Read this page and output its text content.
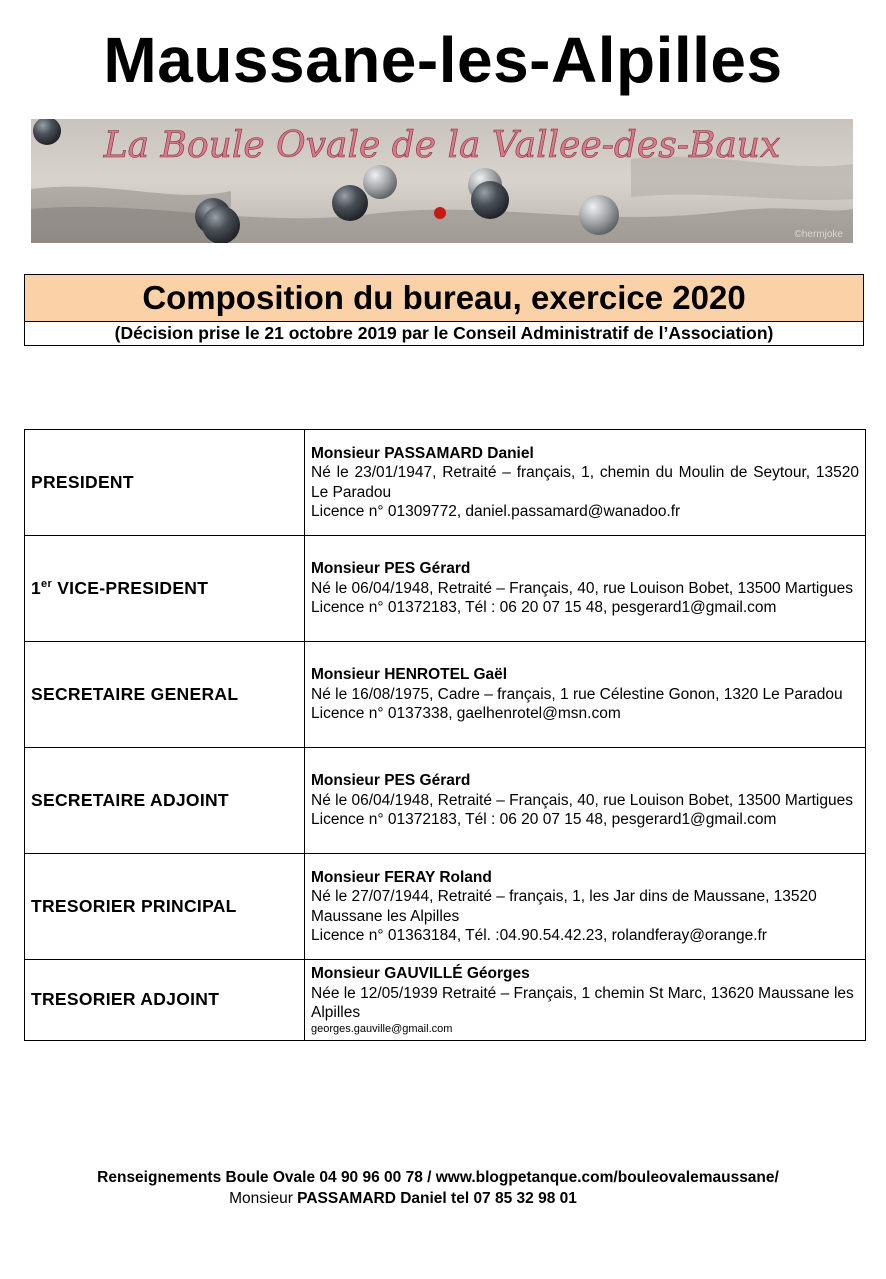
Maussane-les-Alpilles
La Boule Ovale de la Vallee-des-Baux
©hermjoke
Composition du bureau, exercice 2020
(Décision prise le 21 octobre 2019 par le Conseil Administratif de l’Association)
PRESIDENT	Monsieur PASSAMARD Daniel
Né le 23/01/1947, Retraité – français, 1, chemin du Moulin de Seytour, 13520 Le Paradou
Licence n° 01309772, daniel.passamard@wanadoo.fr

1er VICE-PRESIDENT	Monsieur PES Gérard
Né le 06/04/1948, Retraité – Français, 40, rue Louison Bobet, 13500 Martigues
Licence n° 01372183, Tél : 06 20 07 15 48, pesgerard1@gmail.com

SECRETAIRE GENERAL	Monsieur HENROTEL Gaël
Né le 16/08/1975, Cadre – français, 1 rue Célestine Gonon, 1320 Le Paradou
Licence n° 0137338, gaelhenrotel@msn.com

SECRETAIRE ADJOINT	Monsieur PES Gérard
Né le 06/04/1948, Retraité – Français, 40, rue Louison Bobet, 13500 Martigues
Licence n° 01372183, Tél : 06 20 07 15 48, pesgerard1@gmail.com

TRESORIER PRINCIPAL	Monsieur FERAY Roland
Né le 27/07/1944, Retraité – français, 1, les Jar dins de Maussane, 13520 Maussane les Alpilles
Licence n° 01363184, Tél. :04.90.54.42.23, rolandferay@orange.fr

TRESORIER ADJOINT	Monsieur GAUVILLÉ Géorges
Née le 12/05/1939 Retraité – Français, 1 chemin St Marc, 13620 Maussane les Alpilles
georges.gauville@gmail.com
Renseignements Boule Ovale 04 90 96 00 78 / www.blogpetanque.com/bouleovalemaussane/
Monsieur PASSAMARD Daniel tel 07 85 32 98 01
